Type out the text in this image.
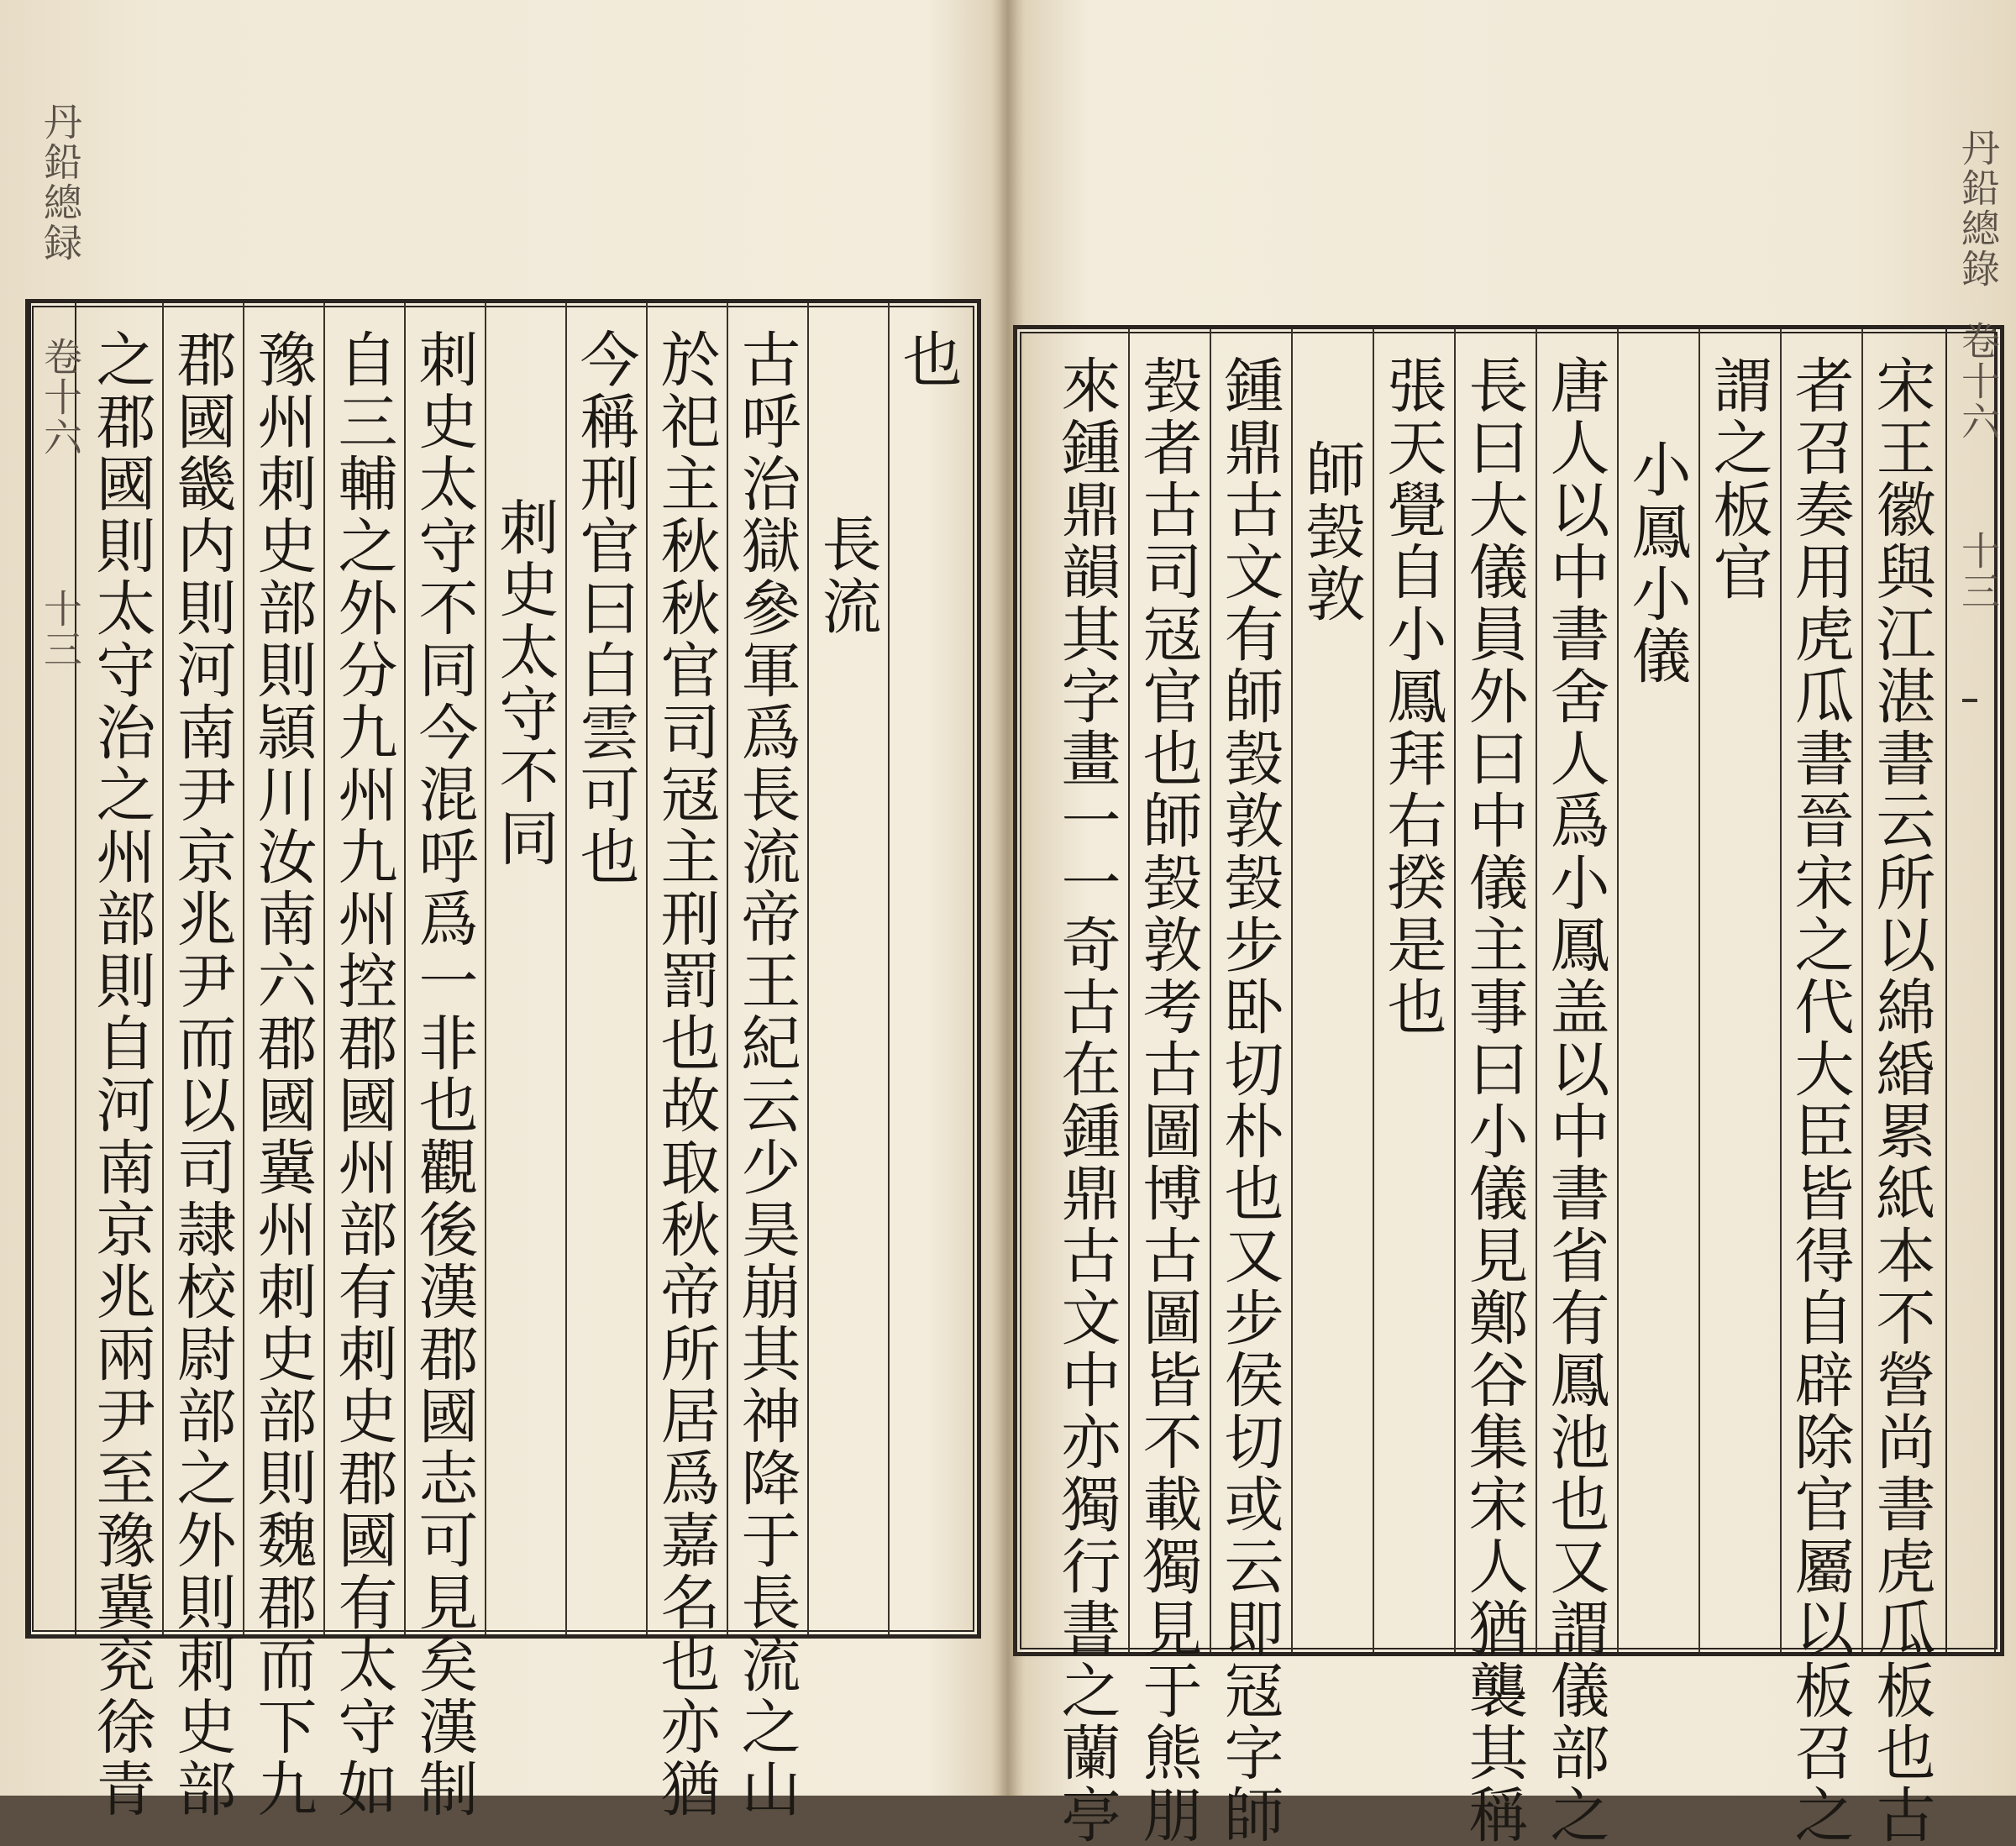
丹鉛總錄
卷十六
十三
宋王徽與江湛書云所以綿緍累紙本不營尚書虎瓜板也古
者召奏用虎瓜書晉宋之代大臣皆得自辟除官屬以板召之
謂之板官
小鳳小儀
唐人以中書舍人爲小鳳盖以中書省有鳳池也又謂儀部之
長曰大儀員外曰中儀主事曰小儀見鄭谷集宋人猶襲其稱
張天覺自小鳳拜右揆是也
師㲄敦
鍾鼎古文有師㲄敦㲄步卧切朴也又步侯切或云即冦字師
㲄者古司冦官也師㲄敦考古圖博古圖皆不載獨見于熊朋
來鍾鼎韻其字畫一一奇古在鍾鼎古文中亦獨行書之蘭亭
丹鉛總録
卷十六
十三
也
長流
古呼治獄參軍爲長流帝王紀云少昊崩其神降于長流之山
於祀主秋秋官司冦主刑罰也故取秋帝所居爲嘉名也亦猶
今稱刑官曰白雲可也
刺史太守不同
刺史太守不同今混呼爲一非也觀後漢郡國志可見矣漢制
自三輔之外分九州九州控郡國州部有刺史郡國有太守如
豫州刺史部則頴川汝南六郡國冀州刺史部則魏郡而下九
郡國畿内則河南尹京兆尹而以司隷校尉部之外則刺史部
之郡國則太守治之州部則自河南京兆兩尹至豫冀兖徐青
